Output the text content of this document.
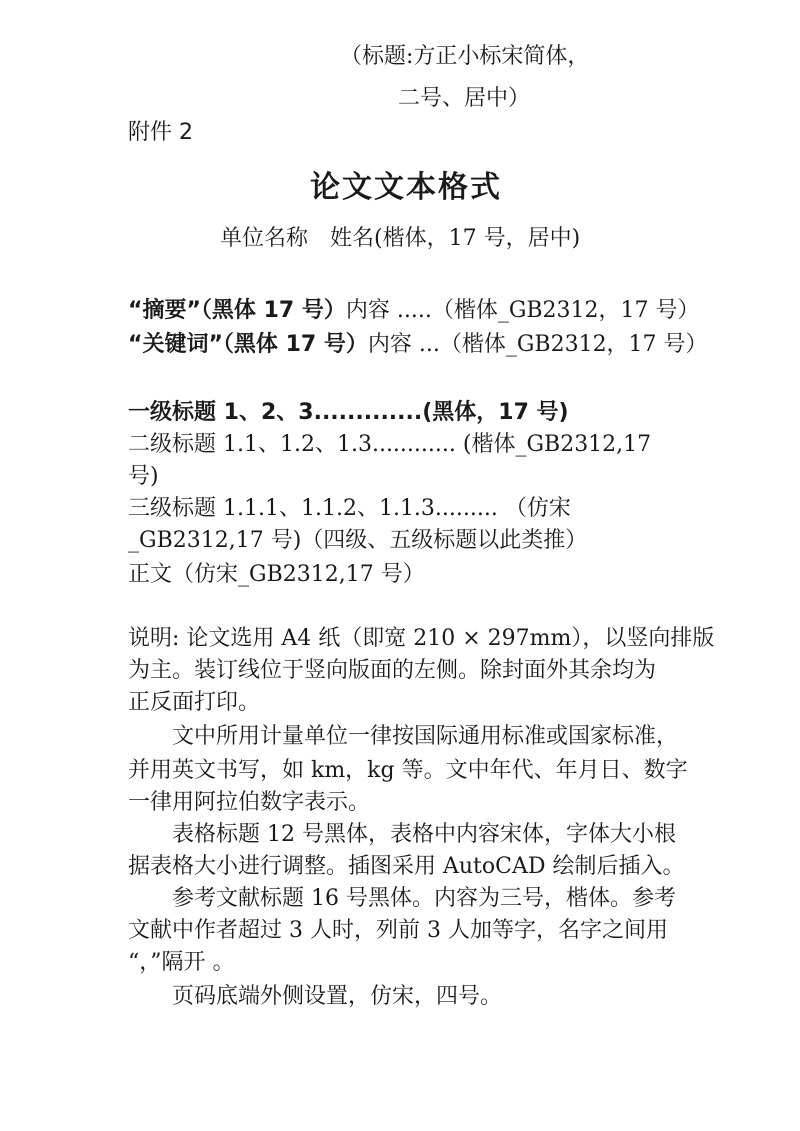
（标题:方正小标宋简体，
二号、居中）
附件 2
论文文本格式
单位名称　姓名(楷体，17 号，居中)
“摘要”（黑体 17 号）内容 .....（楷体_GB2312，17 号）
“关键词”（黑体 17 号）内容 ...（楷体_GB2312，17 号）
一级标题 1、2、3.............(黑体，17 号)
二级标题 1.1、1.2、1.3............ (楷体_GB2312,17
号)
三级标题 1.1.1、1.1.2、1.1.3......... （仿宋
_GB2312,17 号)（四级、五级标题以此类推）
正文（仿宋_GB2312,17 号）
说明: 论文选用 A4 纸（即宽 210 × 297mm），以竖向排版
为主。装订线位于竖向版面的左侧。除封面外其余均为
正反面打印。
文中所用计量单位一律按国际通用标准或国家标准，
并用英文书写，如 km，kg 等。文中年代、年月日、数字
一律用阿拉伯数字表示。
表格标题 12 号黑体，表格中内容宋体，字体大小根
据表格大小进行调整。插图采用 AutoCAD 绘制后插入。
参考文献标题 16 号黑体。内容为三号，楷体。参考
文献中作者超过 3 人时，列前 3 人加等字，名字之间用
“，”隔开 。
页码底端外侧设置，仿宋，四号。
